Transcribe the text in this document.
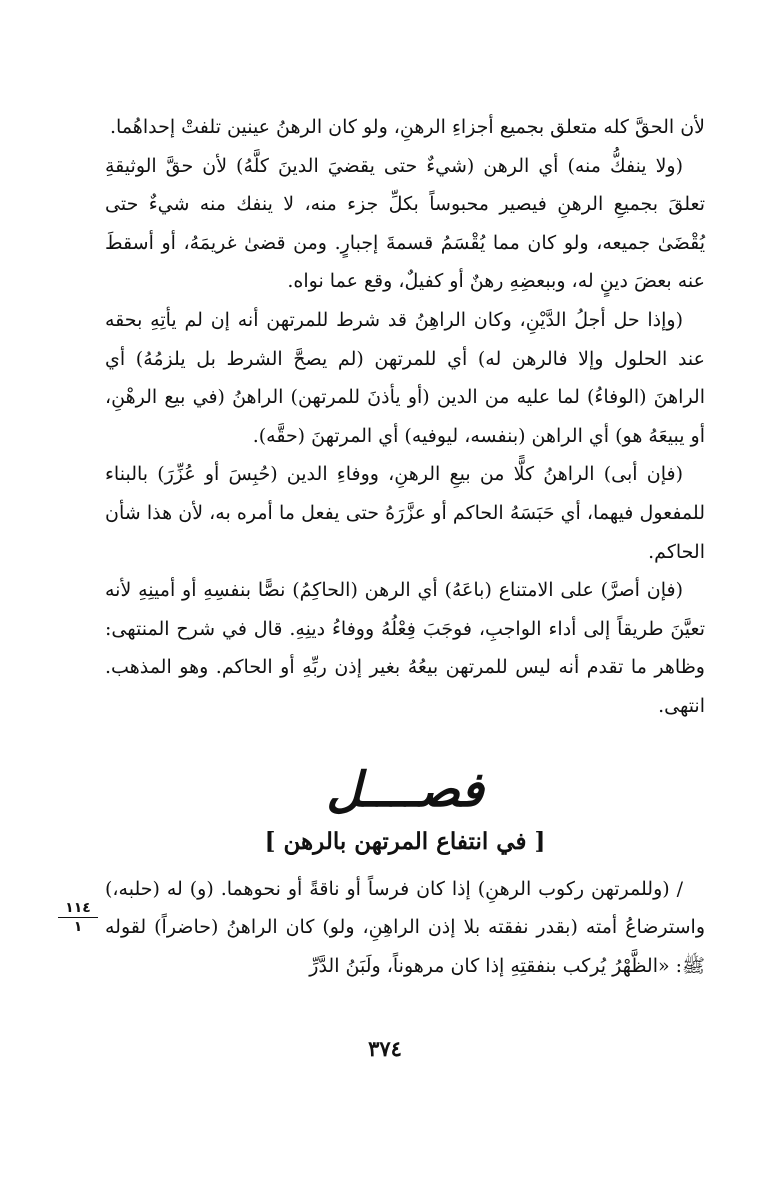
لأن الحقَّ كله متعلق بجميع أجزاءِ الرهنِ، ولو كان الرهنُ عينين تلفتْ إحداهُما.

(ولا ينفكُّ منه) أي الرهن (شيءٌ حتى يقضيَ الدينَ كلَّهُ) لأن حقَّ الوثيقةِ تعلقَ بجميعِ الرهنِ فيصير محبوساً بكلِّ جزء منه، لا ينفك منه شيءٌ حتى يُقْضَىٰ جميعه، ولو كان مما يُقْسَمُ قسمةَ إجبارٍ. ومن قضىٰ غريمَهُ، أو أسقطَ عنه بعضَ دينٍ له، وببعضِهِ رهنٌ أو كفيلٌ، وقع عما نواه.

(وإذا حل أجلُ الدَّيْنِ، وكان الراهِنُ قد شرط للمرتهن أنه إن لم يأتِهِ بحقه عند الحلول وإلا فالرهن له) أي للمرتهن (لم يصحَّ الشرط بل يلزمُهُ) أي الراهنَ (الوفاءُ) لما عليه من الدين (أو يأذنَ للمرتهن) الراهنُ (في بيع الرهْنِ، أو يبيعَهُ هو) أي الراهن (بنفسه، ليوفيه) أي المرتهنَ (حقَّه).

(فإن أبى) الراهنُ كلًّا من بيعِ الرهنِ، ووفاءِ الدين (حُبِسَ أو عُزِّرَ) بالبناء للمفعول فيهما، أي حَبَسَهُ الحاكم أو عزَّرَهُ حتى يفعل ما أمره به، لأن هذا شأن الحاكم.

(فإن أصرَّ) على الامتناع (باعَهُ) أي الرهن (الحاكِمُ) نصًّا بنفسِهِ أو أمينِهِ لأنه تعيَّنَ طريقاً إلى أداء الواجبِ، فوجَبَ فِعْلُهُ ووفاءُ دينِهِ. قال في شرح المنتهى: وظاهر ما تقدم أنه ليس للمرتهن بيعُهُ بغير إذن ربِّهِ أو الحاكم. وهو المذهب. انتهى.

فصــــل
[ في انتفاع المرتهن بالرهن ]

/ (وللمرتهن ركوب الرهنِ) إذا كان فرساً أو ناقةً أو نحوهما. (و) له (حلبه،) واسترضاعُ أمته (بقدر نفقته بلا إذن الراهِنِ، ولو) كان الراهنُ (حاضراً) لقوله ﷺ: «الظَّهْرُ يُركب بنفقتِهِ إذا كان مرهوناً، ولَبَنُ الدَّرِّ

١١٤
١
٣٧٤
